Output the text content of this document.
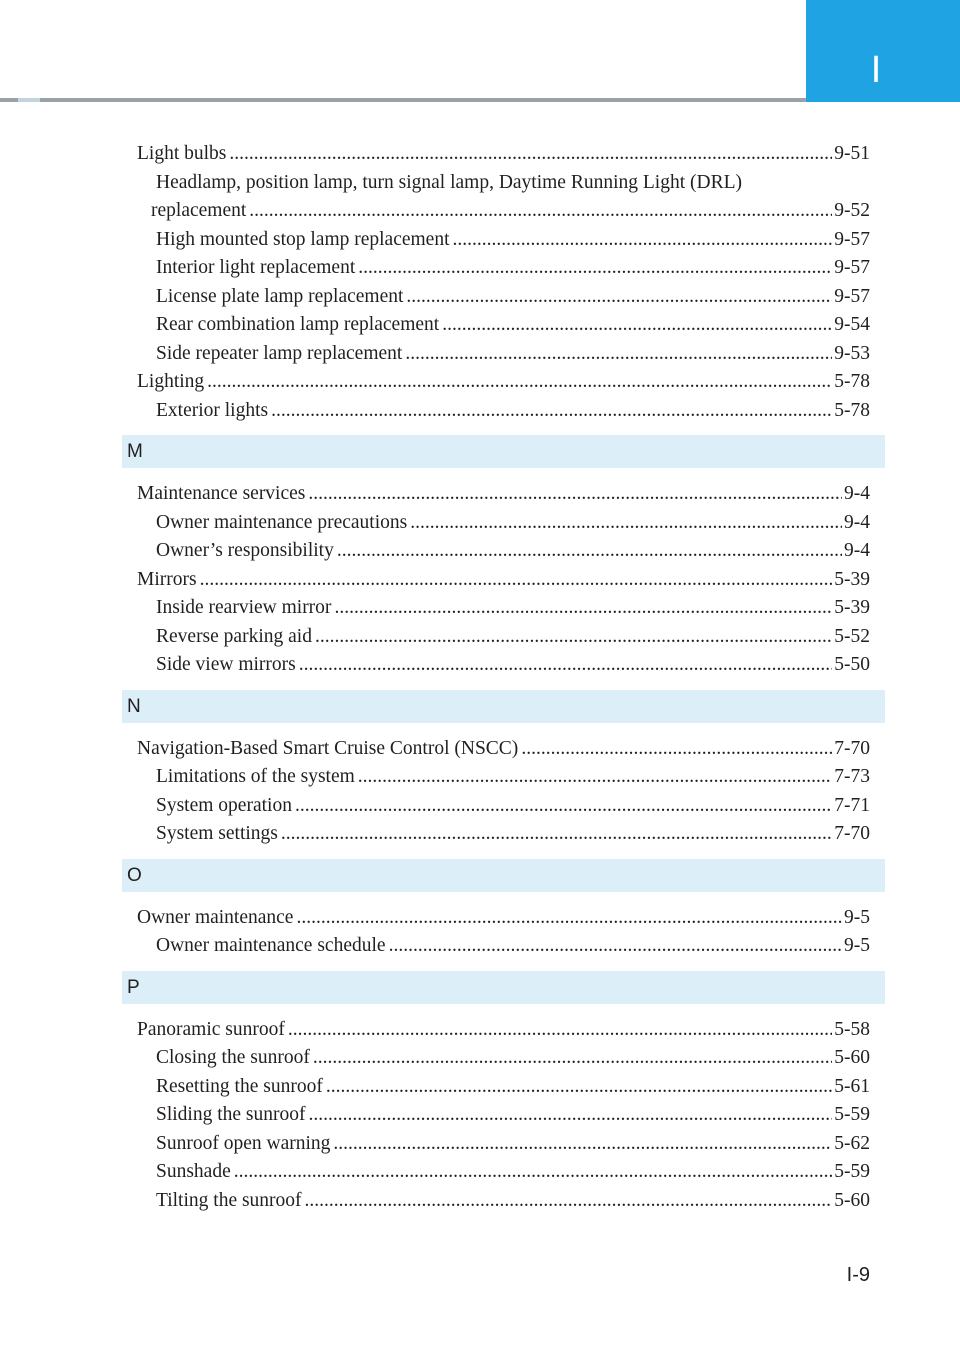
I
Light bulbs .....	9-51
Headlamp, position lamp, turn signal lamp, Daytime Running Light (DRL)
replacement .....	9-52
High mounted stop lamp replacement .....	9-57
Interior light replacement .....	9-57
License plate lamp replacement .....	9-57
Rear combination lamp replacement .....	9-54
Side repeater lamp replacement .....	9-53
Lighting .....	5-78
Exterior lights .....	5-78
M
Maintenance services .....	9-4
Owner maintenance precautions .....	9-4
Owner’s responsibility .....	9-4
Mirrors .....	5-39
Inside rearview mirror .....	5-39
Reverse parking aid .....	5-52
Side view mirrors .....	5-50
N
Navigation-Based Smart Cruise Control (NSCC) .....	7-70
Limitations of the system .....	7-73
System operation .....	7-71
System settings .....	7-70
O
Owner maintenance .....	9-5
Owner maintenance schedule .....	9-5
P
Panoramic sunroof .....	5-58
Closing the sunroof .....	5-60
Resetting the sunroof .....	5-61
Sliding the sunroof .....	5-59
Sunroof open warning .....	5-62
Sunshade .....	5-59
Tilting the sunroof .....	5-60
I-9
